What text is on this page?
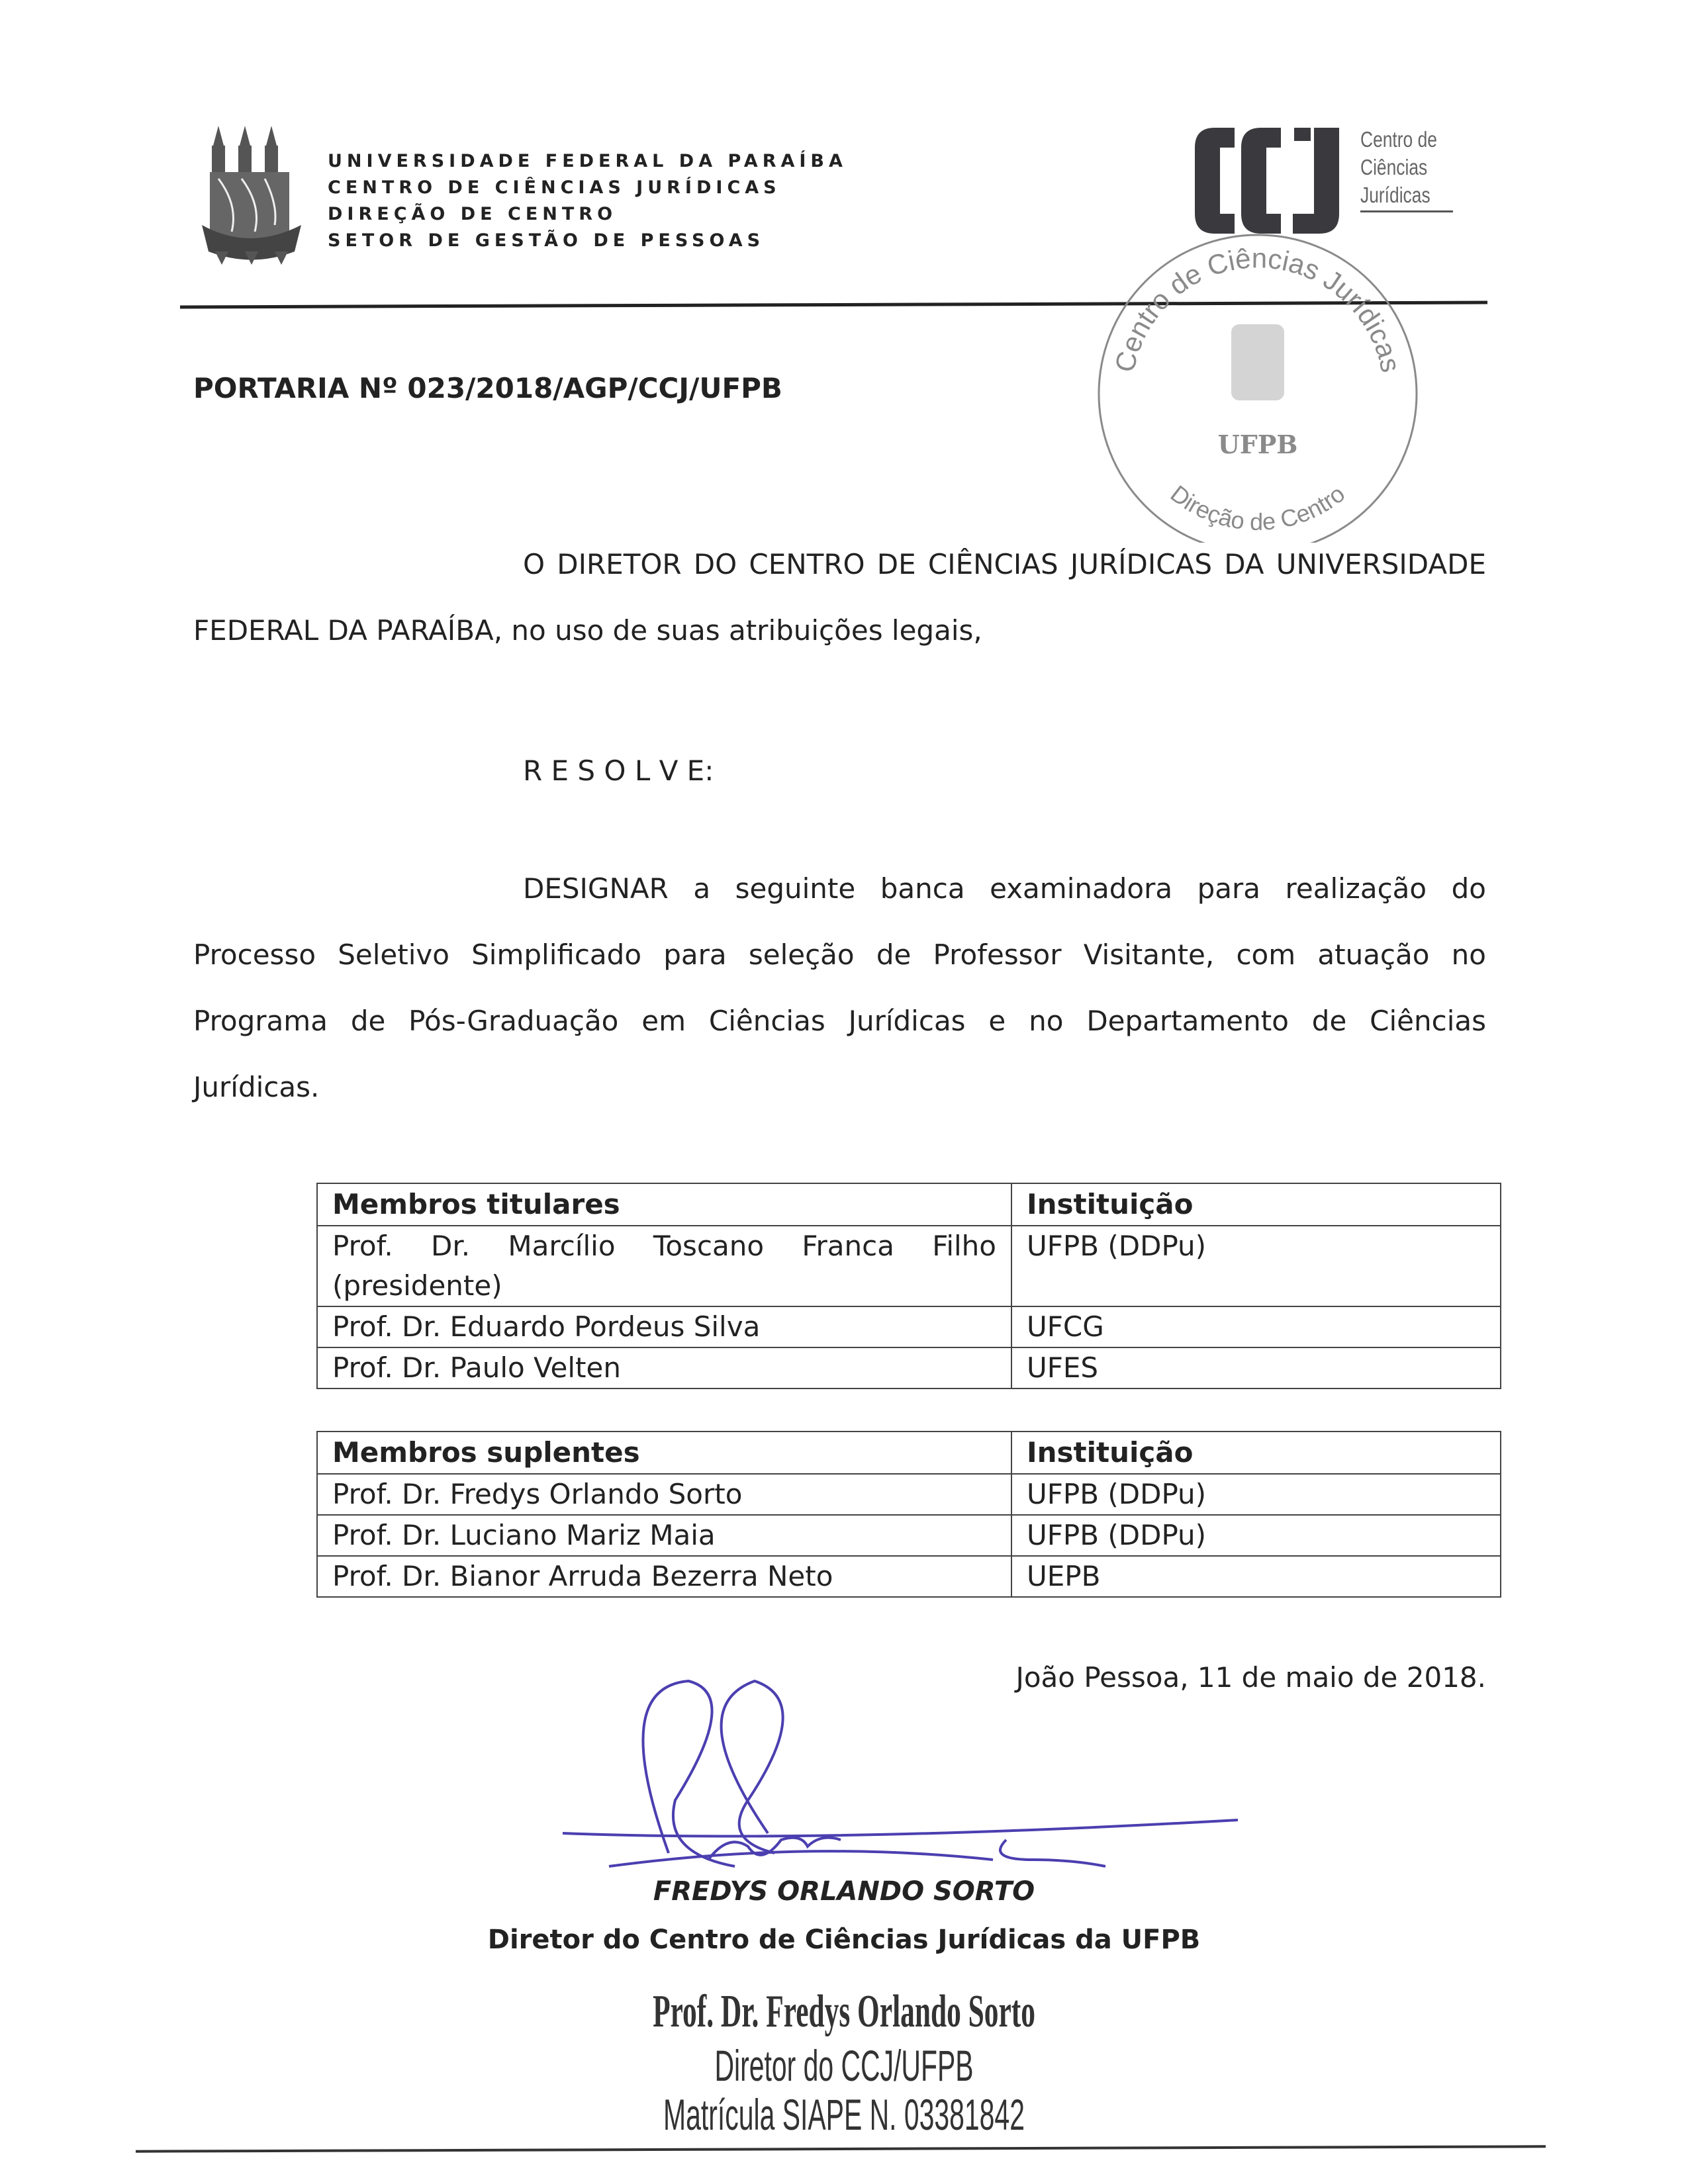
UNIVERSIDADE FEDERAL DA PARAÍBA
CENTRO DE CIÊNCIAS JURÍDICAS
DIREÇÃO DE CENTRO
SETOR DE GESTÃO DE PESSOAS
Centro de
Ciências
Jurídicas
Centro de Ciências Jurídicas
UFPB
Direção de Centro
PORTARIA Nº 023/2018/AGP/CCJ/UFPB
O DIRETOR DO CENTRO DE CIÊNCIAS JURÍDICAS DA UNIVERSIDADE
FEDERAL DA PARAÍBA, no uso de suas atribuições legais,
R E S O L V E:
DESIGNAR a seguinte banca examinadora para realização do
Processo Seletivo Simplificado para seleção de Professor Visitante, com atuação no
Programa de Pós-Graduação em Ciências Jurídicas e no Departamento de Ciências
Jurídicas.
Membros titulares	Instituição

Prof. Dr. Marcílio Toscano Franca Filho
(presidente)	UFPB (DDPu)
Prof. Dr. Eduardo Pordeus Silva	UFCG
Prof. Dr. Paulo Velten	UFES
Membros suplentes	Instituição
Prof. Dr. Fredys Orlando Sorto	UFPB (DDPu)
Prof. Dr. Luciano Mariz Maia	UFPB (DDPu)
Prof. Dr. Bianor Arruda Bezerra Neto	UEPB
João Pessoa, 11 de maio de 2018.
FREDYS ORLANDO SORTO
Diretor do Centro de Ciências Jurídicas da UFPB
Prof. Dr. Fredys Orlando Sorto
Diretor do CCJ/UFPB
Matrícula SIAPE N. 03381842
